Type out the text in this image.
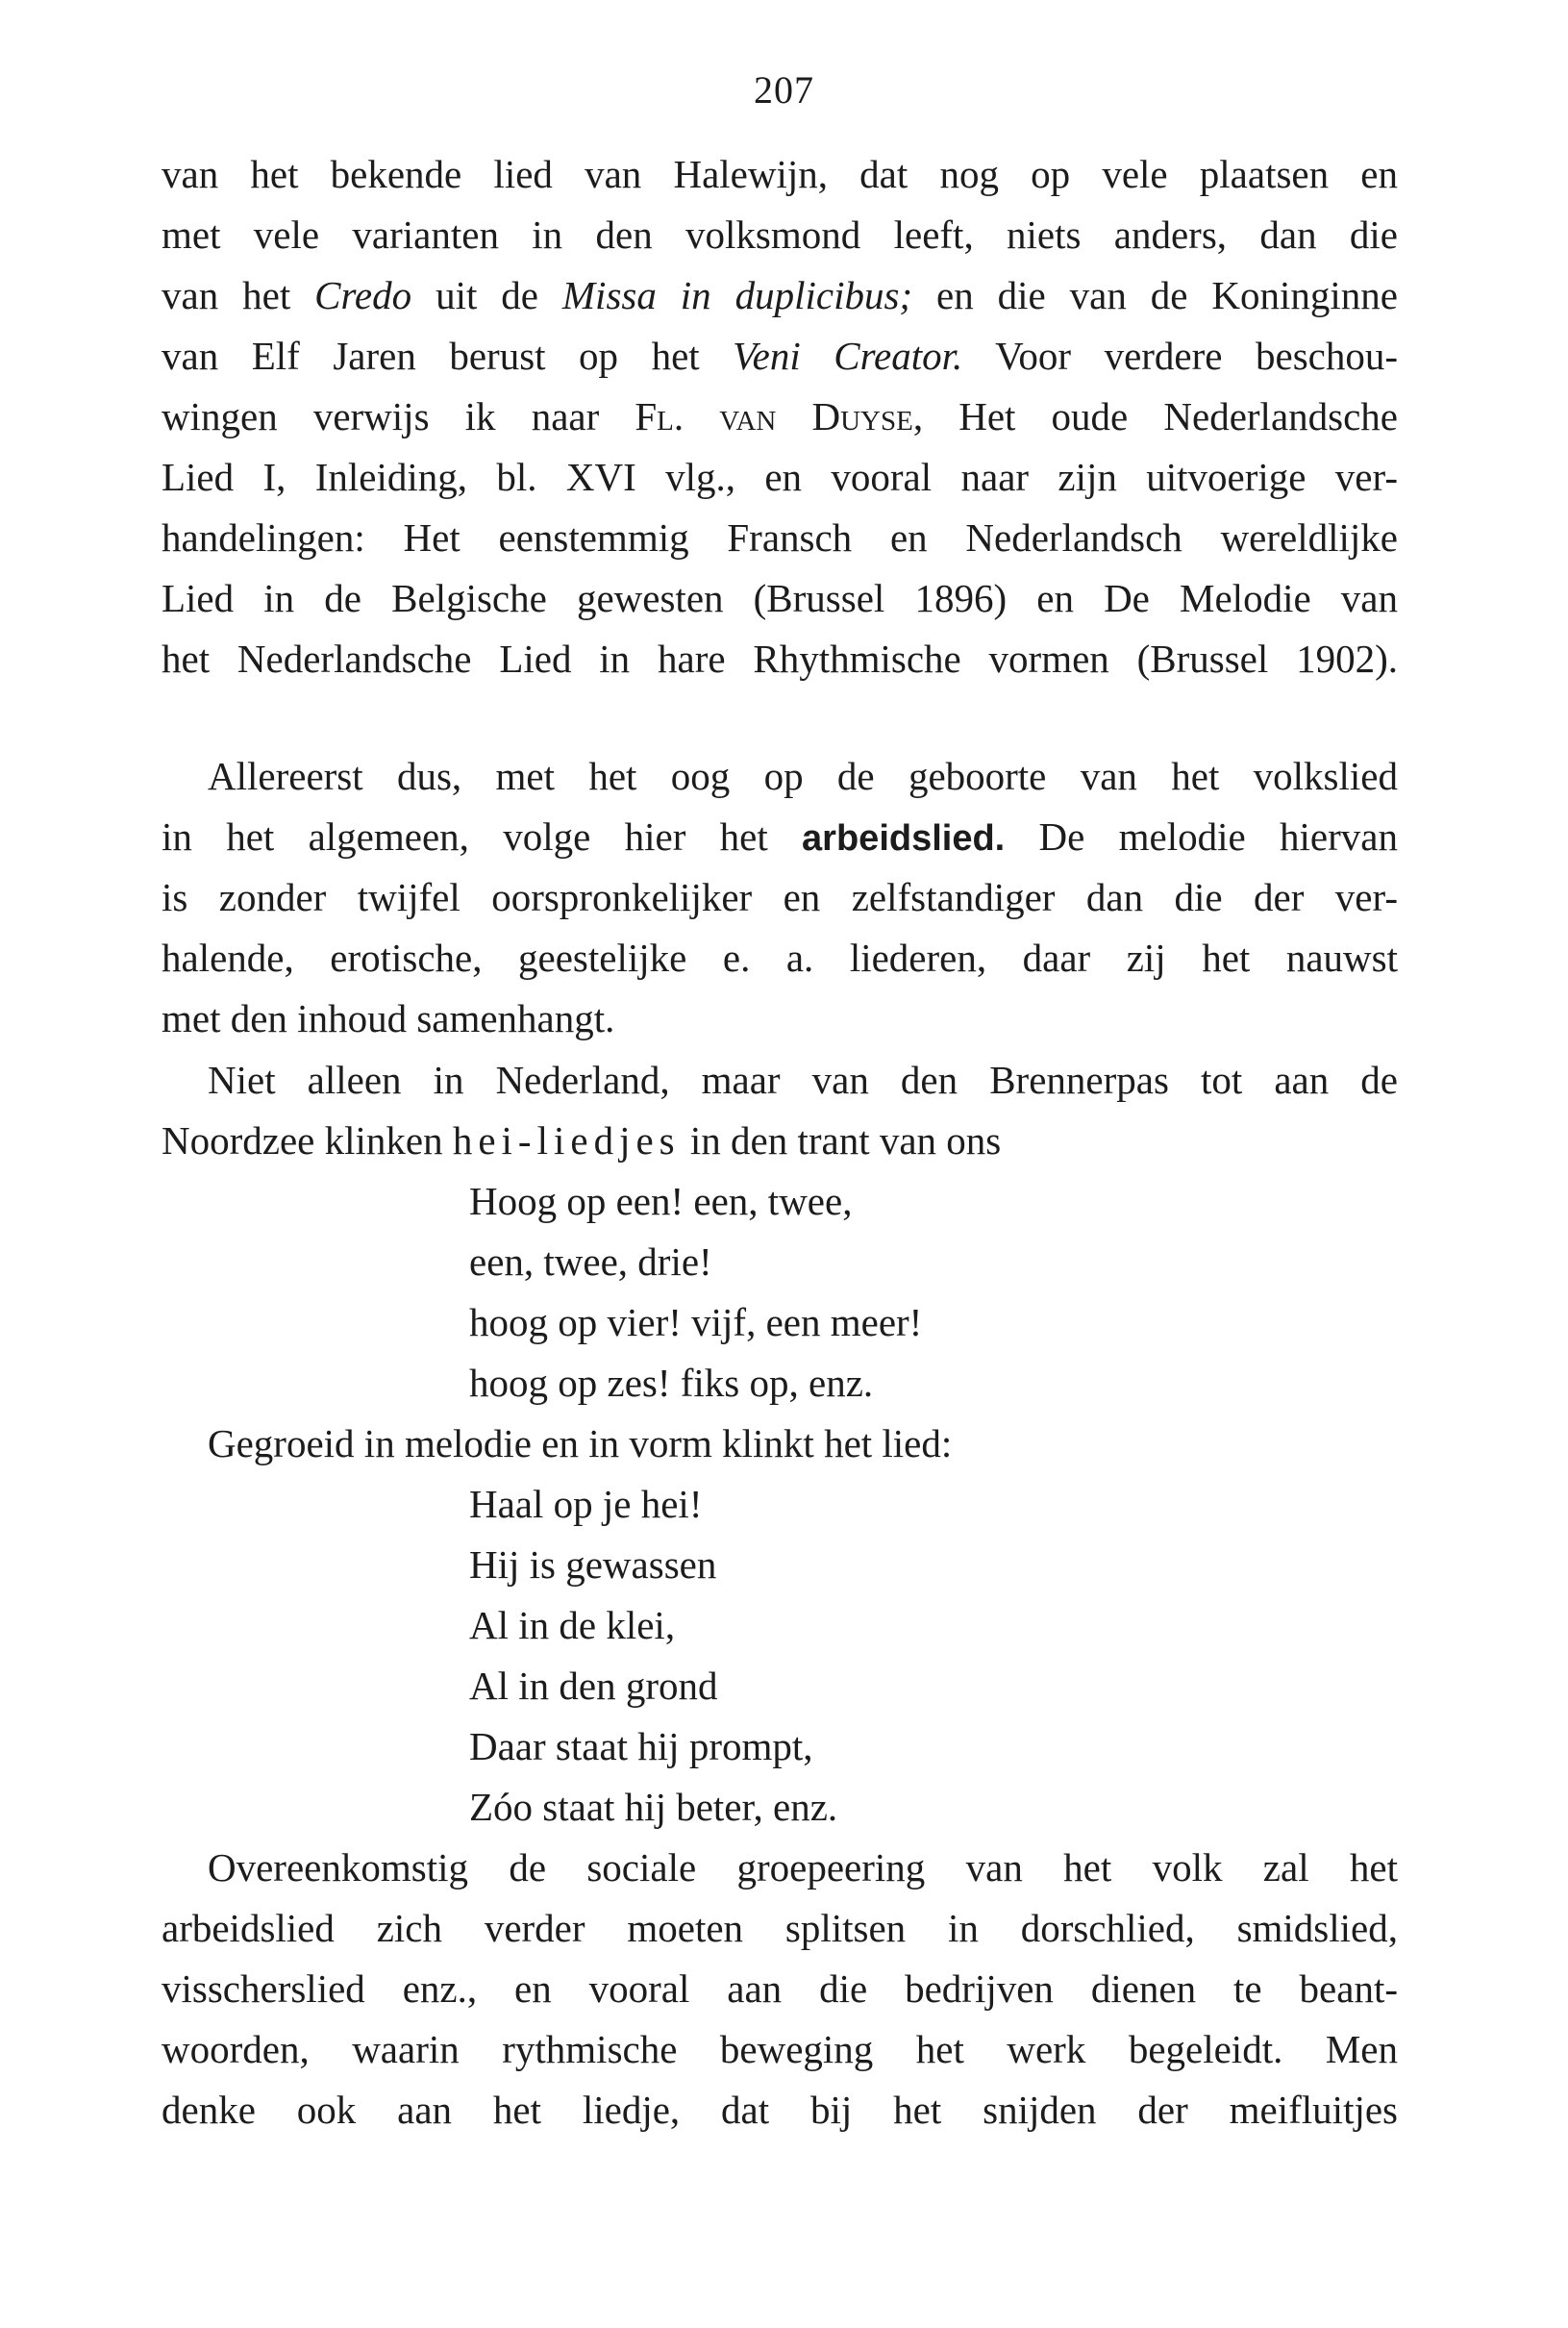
207
van het bekende lied van Halewijn, dat nog op vele plaatsen en
met vele varianten in den volksmond leeft, niets anders, dan die
van het Credo uit de Missa in duplicibus; en die van de Koninginne
van Elf Jaren berust op het Veni Creator. Voor verdere beschou-
wingen verwijs ik naar Fl. van Duyse, Het oude Nederlandsche
Lied I, Inleiding, bl. XVI vlg., en vooral naar zijn uitvoerige ver-
handelingen: Het eenstemmig Fransch en Nederlandsch wereldlijke
Lied in de Belgische gewesten (Brussel 1896) en De Melodie van
het Nederlandsche Lied in hare Rhythmische vormen (Brussel 1902).
Allereerst dus, met het oog op de geboorte van het volkslied
in het algemeen, volge hier het arbeidslied. De melodie hiervan
is zonder twijfel oorspronkelijker en zelfstandiger dan die der ver-
halende, erotische, geestelijke e. a. liederen, daar zij het nauwst
met den inhoud samenhangt.
Niet alleen in Nederland, maar van den Brennerpas tot aan de
Noordzee klinken hei-liedjes in den trant van ons
Hoog op een! een, twee,
een, twee, drie!
hoog op vier! vijf, een meer!
hoog op zes! fiks op, enz.
Gegroeid in melodie en in vorm klinkt het lied:
Haal op je hei!
Hij is gewassen
Al in de klei,
Al in den grond
Daar staat hij prompt,
Zóo staat hij beter, enz.
Overeenkomstig de sociale groepeering van het volk zal het
arbeidslied zich verder moeten splitsen in dorschlied, smidslied,
visscherslied enz., en vooral aan die bedrijven dienen te beant-
woorden, waarin rythmische beweging het werk begeleidt. Men
denke ook aan het liedje, dat bij het snijden der meifluitjes
